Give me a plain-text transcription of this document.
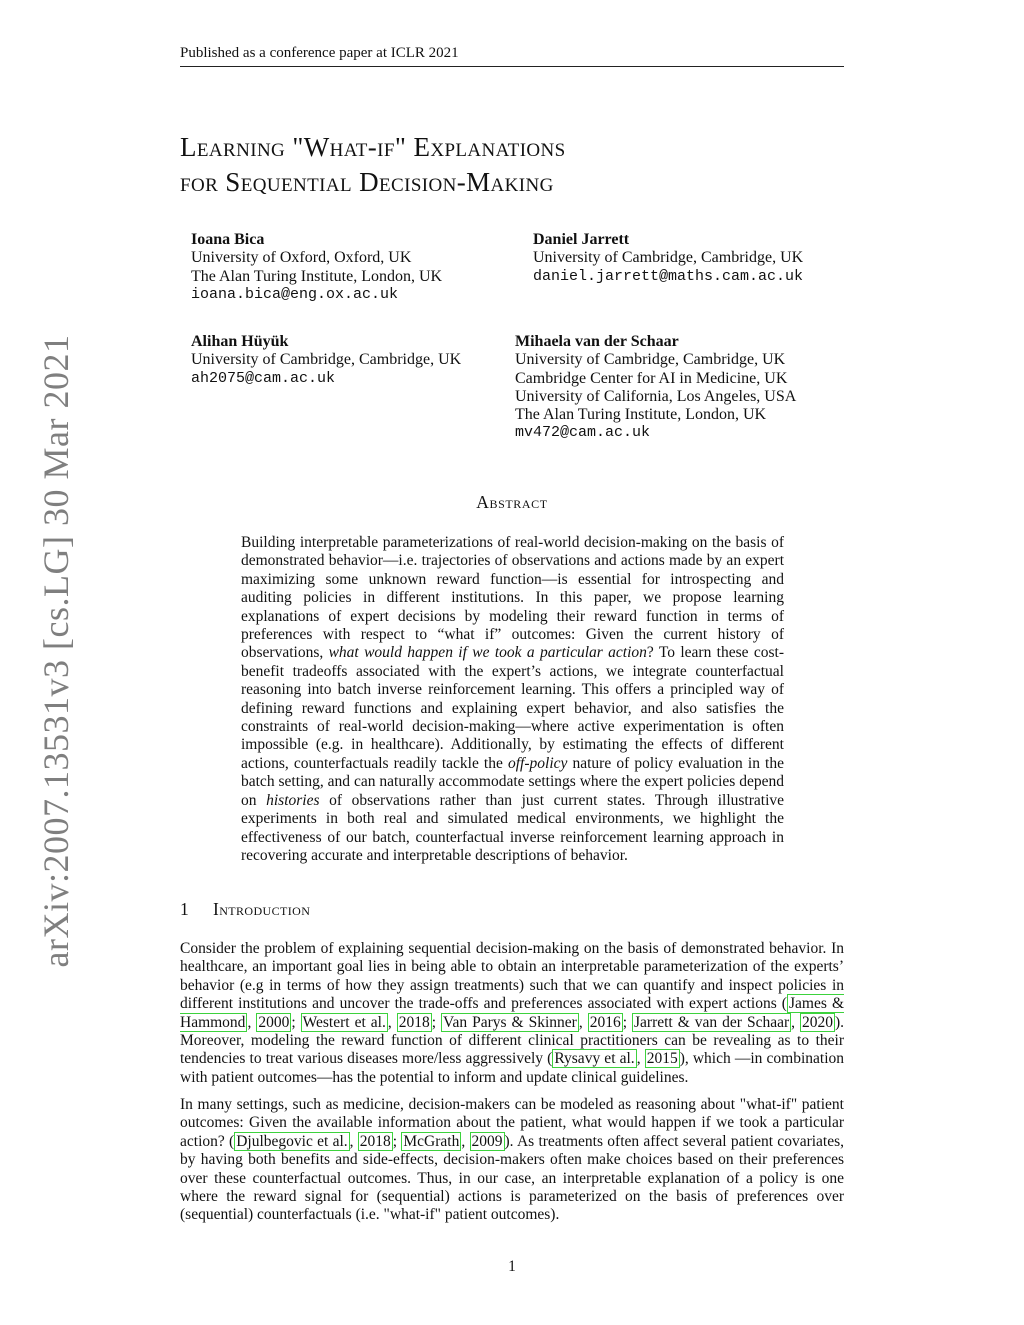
Published as a conference paper at ICLR 2021
Learning "What-if" Explanations
for Sequential Decision-Making
Ioana Bica
University of Oxford, Oxford, UK
The Alan Turing Institute, London, UK
ioana.bica@eng.ox.ac.uk
Daniel Jarrett
University of Cambridge, Cambridge, UK
daniel.jarrett@maths.cam.ac.uk
Alihan Hüyük
University of Cambridge, Cambridge, UK
ah2075@cam.ac.uk
Mihaela van der Schaar
University of Cambridge, Cambridge, UK
Cambridge Center for AI in Medicine, UK
University of California, Los Angeles, USA
The Alan Turing Institute, London, UK
mv472@cam.ac.uk
Abstract
Building interpretable parameterizations of real-world decision-making on the basis of demonstrated behavior—i.e. trajectories of observations and actions made by an expert maximizing some unknown reward function—is essential for introspecting and auditing policies in different institutions. In this paper, we propose learning explanations of expert decisions by modeling their reward function in terms of preferences with respect to “what if” outcomes: Given the current history of observations, what would happen if we took a particular action? To learn these cost-benefit tradeoffs associated with the expert’s actions, we integrate counterfactual reasoning into batch inverse reinforcement learning. This offers a principled way of defining reward functions and explaining expert behavior, and also satisfies the constraints of real-world decision-making—where active experimentation is often impossible (e.g. in healthcare). Additionally, by estimating the effects of different actions, counterfactuals readily tackle the off-policy nature of policy evaluation in the batch setting, and can naturally accommodate settings where the expert policies depend on histories of observations rather than just current states. Through illustrative experiments in both real and simulated medical environments, we highlight the effectiveness of our batch, counterfactual inverse reinforcement learning approach in recovering accurate and interpretable descriptions of behavior.
1 Introduction
Consider the problem of explaining sequential decision-making on the basis of demonstrated behavior. In healthcare, an important goal lies in being able to obtain an interpretable parameterization of the experts’ behavior (e.g in terms of how they assign treatments) such that we can quantify and inspect policies in different institutions and uncover the trade-offs and preferences associated with expert actions ( James & Hammond , 2000 ; Westert et al. , 2018 ; Van Parys & Skinner , 2016 ; Jarrett & van der Schaar , 2020 ). Moreover, modeling the reward function of different clinical practitioners can be revealing as to their tendencies to treat various diseases more/less aggressively ( Rysavy et al. , 2015 ), which —in combination with patient outcomes—has the potential to inform and update clinical guidelines.
In many settings, such as medicine, decision-makers can be modeled as reasoning about "what-if" patient outcomes: Given the available information about the patient, what would happen if we took a particular action? ( Djulbegovic et al. , 2018 ; McGrath , 2009 ). As treatments often affect several patient covariates, by having both benefits and side-effects, decision-makers often make choices based on their preferences over these counterfactual outcomes. Thus, in our case, an interpretable explanation of a policy is one where the reward signal for (sequential) actions is parameterized on the basis of preferences over (sequential) counterfactuals (i.e. "what-if" patient outcomes).
1
arXiv:2007.13531v3 [cs.LG] 30 Mar 2021
